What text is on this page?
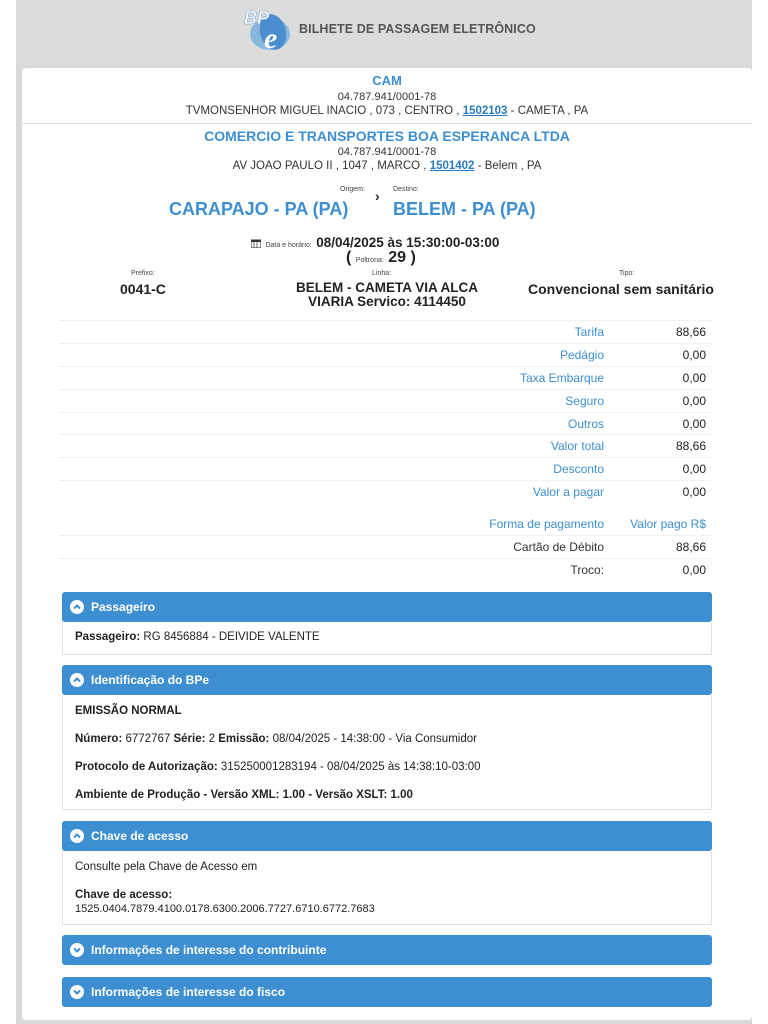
BP
e BILHETE DE PASSAGEM ELETRÔNICO
CAM
04.787.941/0001-78
TVMONSENHOR MIGUEL INACIO , 073 , CENTRO , 1502103 - CAMETA , PA
COMERCIO E TRANSPORTES BOA ESPERANCA LTDA
04.787.941/0001-78
AV JOAO PAULO II , 1047 , MARCO , 1501402 - Belem , PA
Origem:	Destino:
CARAPAJO - PA (PA)
›
BELEM - PA (PA)
Data e horário: 08/04/2025 às 15:30:00-03:00
( Poltrona: 29 )
Prefixo:
0041-C
Linha:
BELEM - CAMETA VIA ALCA
VIARIA Servico: 4114450
Tipo:
Convencional sem sanitário
Tarifa	88,66
Pedágio	0,00
Taxa Embarque	0,00
Seguro	0,00
Outros	0,00
Valor total	88,66
Desconto	0,00
Valor a pagar	0,00
Forma de pagamento Valor pago R$
Cartão de Débito	88,66
Troco:	0,00
Passageiro
Passageiro: RG 8456884 - DEIVIDE VALENTE
Identificação do BPe
EMISSÃO NORMAL
Número: 6772767 Série: 2 Emissão: 08/04/2025 - 14:38:00 - Via Consumidor
Protocolo de Autorização: 315250001283194 - 08/04/2025 às 14:38:10-03:00
Ambiente de Produção - Versão XML: 1.00 - Versão XSLT: 1.00
Chave de acesso
Consulte pela Chave de Acesso em
Chave de acesso:
1525.0404.7879.4100.0178.6300.2006.7727.6710.6772.7683
Informações de interesse do contribuinte
Informações de interesse do fisco
